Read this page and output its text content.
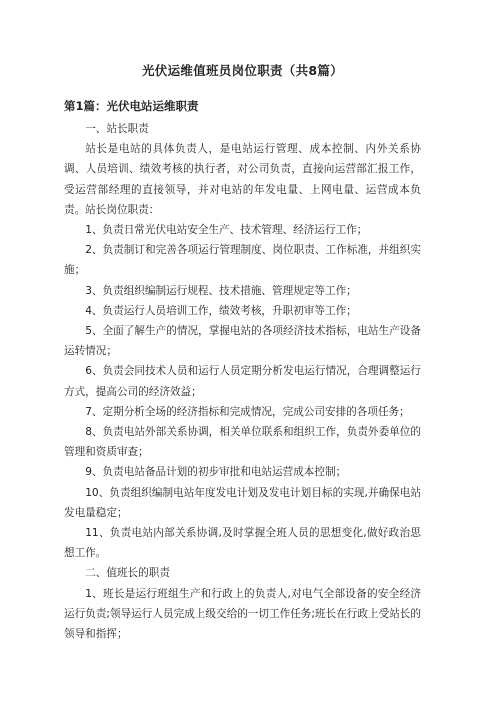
光伏运维值班员岗位职责（共8篇）
第1篇：光伏电站运维职责

一、站长职责

站长是电站的具体负责人，是电站运行管理、成本控制、内外关系协调、人员培训、绩效考核的执行者，对公司负责，直接向运营部汇报工作，受运营部经理的直接领导，并对电站的年发电量、上网电量、运营成本负责。站长岗位职责：

1、负责日常光伏电站安全生产、技术管理、经济运行工作；

2、负责制订和完善各项运行管理制度、岗位职责、工作标准，并组织实施；

3、负责组织编制运行规程、技术措施、管理规定等工作；

4、负责运行人员培训工作，绩效考核，升职初审等工作；

5、全面了解生产的情况，掌握电站的各项经济技术指标，电站生产设备运转情况；

6、负责会同技术人员和运行人员定期分析发电运行情况，合理调整运行方式，提高公司的经济效益；

7、定期分析全场的经济指标和完成情况，完成公司安排的各项任务；

8、负责电站外部关系协调，相关单位联系和组织工作，负责外委单位的管理和资质审查；

9、负责电站备品计划的初步审批和电站运营成本控制；

10、负责组织编制电站年度发电计划及发电计划目标的实现,并确保电站发电量稳定；

11、负责电站内部关系协调,及时掌握全班人员的思想变化,做好政治思想工作。

二、值班长的职责

1、班长是运行班组生产和行政上的负责人,对电气全部设备的安全经济运行负责;领导运行人员完成上级交给的一切工作任务;班长在行政上受站长的领导和指挥；
